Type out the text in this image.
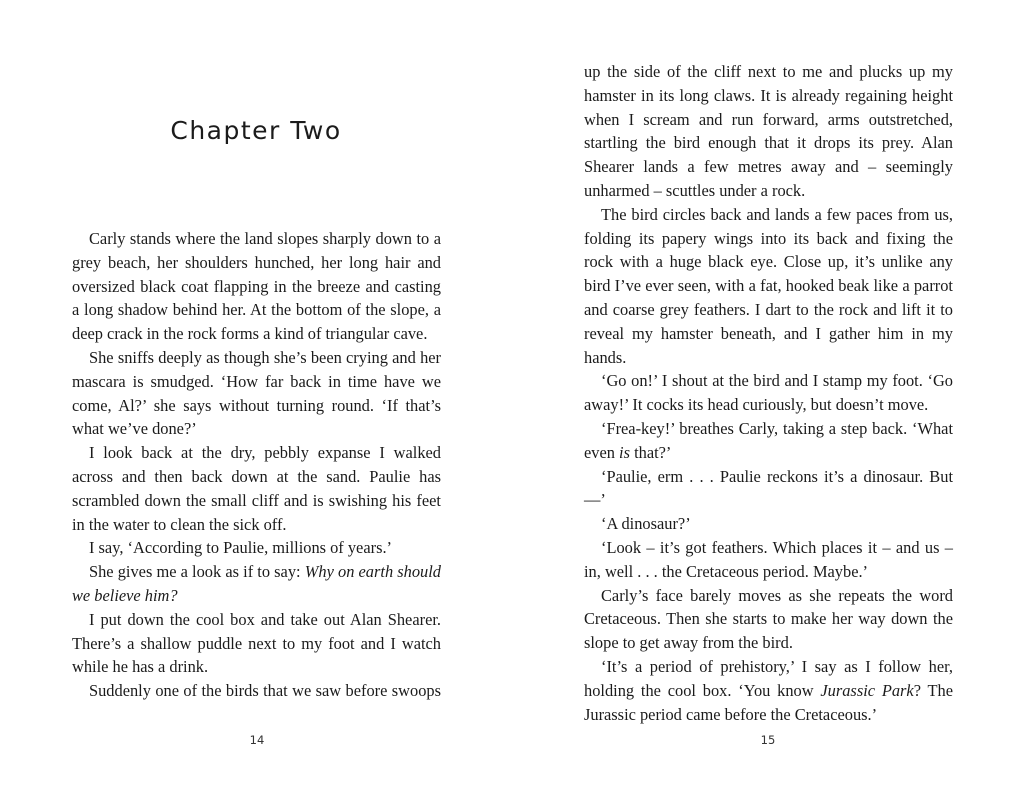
Chapter Two

Carly stands where the land slopes sharply down to a grey beach, her shoulders hunched, her long hair and oversized black coat flapping in the breeze and casting a long shadow behind her. At the bottom of the slope, a deep crack in the rock forms a kind of triangular cave.

She sniffs deeply as though she’s been crying and her mascara is smudged. ‘How far back in time have we come, Al?’ she says without turning round. ‘If that’s what we’ve done?’

I look back at the dry, pebbly expanse I walked across and then back down at the sand. Paulie has scrambled down the small cliff and is swishing his feet in the water to clean the sick off.

I say, ‘According to Paulie, millions of years.’

She gives me a look as if to say: Why on earth should we believe him?

I put down the cool box and take out Alan Shearer. There’s a shallow puddle next to my foot and I watch while he has a drink.

Suddenly one of the birds that we saw before swoops

14

up the side of the cliff next to me and plucks up my hamster in its long claws. It is already regaining height when I scream and run forward, arms outstretched, startling the bird enough that it drops its prey. Alan Shearer lands a few metres away and – seemingly unharmed – scuttles under a rock.

The bird circles back and lands a few paces from us, folding its papery wings into its back and fixing the rock with a huge black eye. Close up, it’s unlike any bird I’ve ever seen, with a fat, hooked beak like a parrot and coarse grey feathers. I dart to the rock and lift it to reveal my hamster beneath, and I gather him in my hands.

‘Go on!’ I shout at the bird and I stamp my foot. ‘Go away!’ It cocks its head curiously, but doesn’t move.

‘Frea-key!’ breathes Carly, taking a step back. ‘What even is that?’

‘Paulie, erm . . . Paulie reckons it’s a dinosaur. But—’

‘A dinosaur?’

‘Look – it’s got feathers. Which places it – and us – in, well . . . the Cretaceous period. Maybe.’

Carly’s face barely moves as she repeats the word Cretaceous. Then she starts to make her way down the slope to get away from the bird.

‘It’s a period of prehistory,’ I say as I follow her, holding the cool box. ‘You know Jurassic Park? The Jurassic period came before the Cretaceous.’

15
